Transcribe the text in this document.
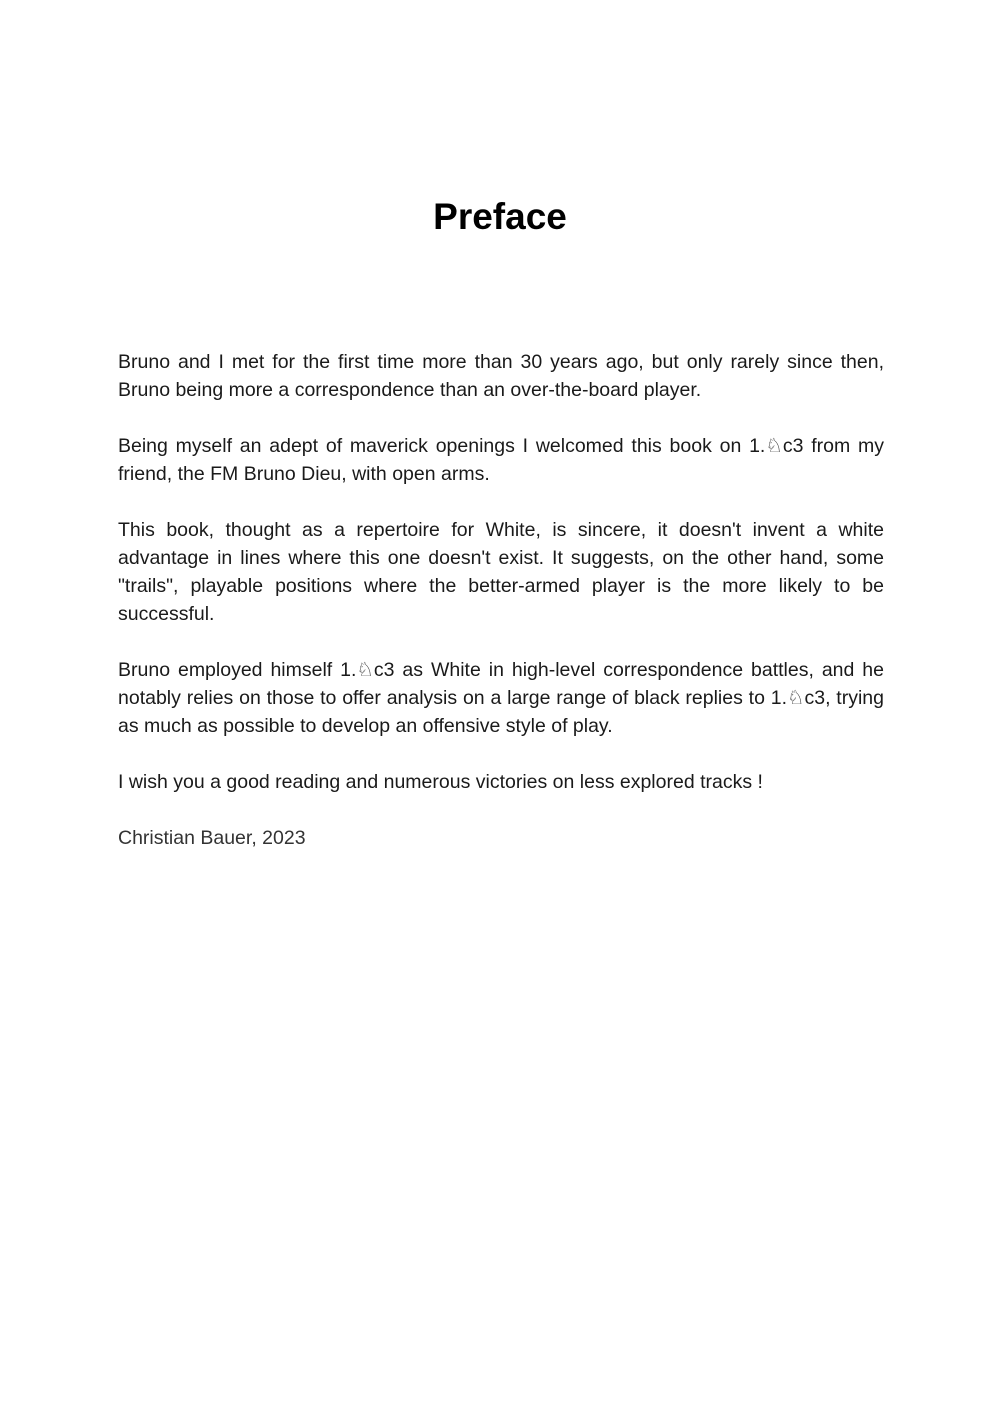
Preface

Bruno and I met for the first time more than 30 years ago, but only rarely since then, Bruno being more a correspondence than an over-the-board player.

Being myself an adept of maverick openings I welcomed this book on 1.♘c3 from my friend, the FM Bruno Dieu, with open arms.

This book, thought as a repertoire for White, is sincere, it doesn't invent a white advantage in lines where this one doesn't exist. It suggests, on the other hand, some "trails", playable positions where the better-armed player is the more likely to be successful.

Bruno employed himself 1.♘c3 as White in high-level correspondence battles, and he notably relies on those to offer analysis on a large range of black replies to 1.♘c3, trying as much as possible to develop an offensive style of play.

I wish you a good reading and numerous victories on less explored tracks !

Christian Bauer, 2023
